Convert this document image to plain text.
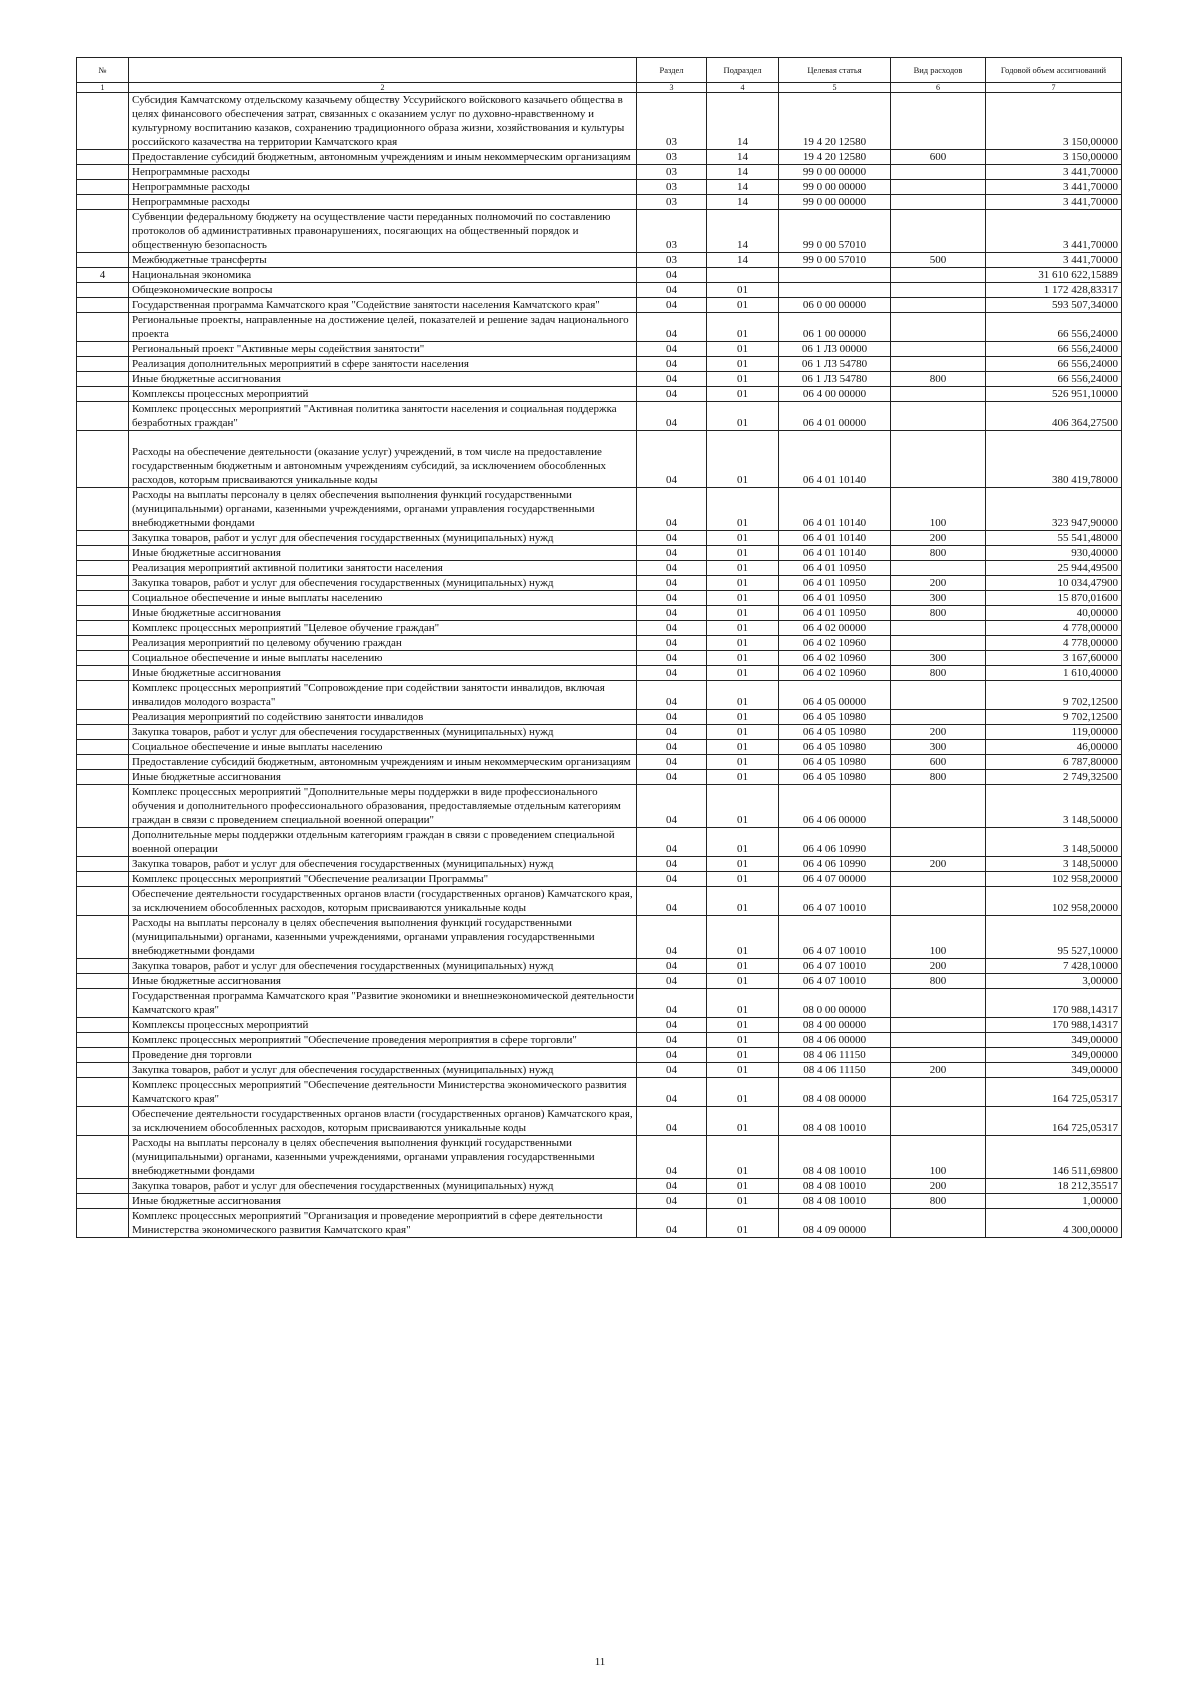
№		Раздел	Подраздел	Целевая статья	Вид расходов	Годовой объем ассигнований
1	2	3	4	5	6	7
	Субсидия Камчатскому отдельскому казачьему обществу Уссурийского войскового казачьего общества в целях финансового обеспечения затрат, связанных с оказанием услуг по духовно-нравственному и культурному воспитанию казаков, сохранению традиционного образа жизни, хозяйствования и культуры российского казачества на территории Камчатского края	03	14	19 4 20 12580		3 150,00000
	Предоставление субсидий бюджетным, автономным учреждениям и иным некоммерческим организациям	03	14	19 4 20 12580	600	3 150,00000
	Непрограммные расходы	03	14	99 0 00 00000		3 441,70000
	Непрограммные расходы	03	14	99 0 00 00000		3 441,70000
	Непрограммные расходы	03	14	99 0 00 00000		3 441,70000
	Субвенции федеральному бюджету на осуществление части переданных полномочий по составлению протоколов об административных правонарушениях, посягающих на общественный порядок и общественную безопасность	03	14	99 0 00 57010		3 441,70000
	Межбюджетные трансферты	03	14	99 0 00 57010	500	3 441,70000
4	Национальная экономика	04				31 610 622,15889
	Общеэкономические вопросы	04	01			1 172 428,83317
	Государственная программа Камчатского края "Содействие занятости населения Камчатского края"	04	01	06 0 00 00000		593 507,34000
	Региональные проекты, направленные на достижение целей, показателей и решение задач национального проекта	04	01	06 1 00 00000		66 556,24000
	Региональный проект "Активные меры содействия занятости"	04	01	06 1 Л3 00000		66 556,24000
	Реализация дополнительных мероприятий в сфере занятости населения	04	01	06 1 Л3 54780		66 556,24000
	Иные бюджетные ассигнования	04	01	06 1 Л3 54780	800	66 556,24000
	Комплексы процессных мероприятий	04	01	06 4 00 00000		526 951,10000
	Комплекс процессных мероприятий "Активная политика занятости населения и социальная поддержка безработных граждан"	04	01	06 4 01 00000		406 364,27500
	Расходы на обеспечение деятельности (оказание услуг) учреждений, в том числе на предоставление государственным бюджетным и автономным учреждениям субсидий, за исключением обособленных расходов, которым присваиваются уникальные коды	04	01	06 4 01 10140		380 419,78000
	Расходы на выплаты персоналу в целях обеспечения выполнения функций государственными (муниципальными) органами, казенными учреждениями, органами управления государственными внебюджетными фондами	04	01	06 4 01 10140	100	323 947,90000
	Закупка товаров, работ и услуг для обеспечения государственных (муниципальных) нужд	04	01	06 4 01 10140	200	55 541,48000
	Иные бюджетные ассигнования	04	01	06 4 01 10140	800	930,40000
	Реализация мероприятий активной политики занятости населения	04	01	06 4 01 10950		25 944,49500
	Закупка товаров, работ и услуг для обеспечения государственных (муниципальных) нужд	04	01	06 4 01 10950	200	10 034,47900
	Социальное обеспечение и иные выплаты населению	04	01	06 4 01 10950	300	15 870,01600
	Иные бюджетные ассигнования	04	01	06 4 01 10950	800	40,00000
	Комплекс процессных мероприятий "Целевое обучение граждан"	04	01	06 4 02 00000		4 778,00000
	Реализация мероприятий по целевому обучению граждан	04	01	06 4 02 10960		4 778,00000
	Социальное обеспечение и иные выплаты населению	04	01	06 4 02 10960	300	3 167,60000
	Иные бюджетные ассигнования	04	01	06 4 02 10960	800	1 610,40000
	Комплекс процессных мероприятий "Сопровождение при содействии занятости инвалидов, включая инвалидов молодого возраста"	04	01	06 4 05 00000		9 702,12500
	Реализация мероприятий по содействию занятости инвалидов	04	01	06 4 05 10980		9 702,12500
	Закупка товаров, работ и услуг для обеспечения государственных (муниципальных) нужд	04	01	06 4 05 10980	200	119,00000
	Социальное обеспечение и иные выплаты населению	04	01	06 4 05 10980	300	46,00000
	Предоставление субсидий бюджетным, автономным учреждениям и иным некоммерческим организациям	04	01	06 4 05 10980	600	6 787,80000
	Иные бюджетные ассигнования	04	01	06 4 05 10980	800	2 749,32500
	Комплекс процессных мероприятий "Дополнительные меры поддержки в виде профессионального обучения и дополнительного профессионального образования, предоставляемые отдельным категориям граждан в связи с проведением специальной военной операции"	04	01	06 4 06 00000		3 148,50000
	Дополнительные меры поддержки отдельным категориям граждан в связи с проведением специальной военной операции	04	01	06 4 06 10990		3 148,50000
	Закупка товаров, работ и услуг для обеспечения государственных (муниципальных) нужд	04	01	06 4 06 10990	200	3 148,50000
	Комплекс процессных мероприятий "Обеспечение реализации Программы"	04	01	06 4 07 00000		102 958,20000
	Обеспечение деятельности государственных органов власти (государственных органов) Камчатского края, за исключением обособленных расходов, которым присваиваются уникальные коды	04	01	06 4 07 10010		102 958,20000
	Расходы на выплаты персоналу в целях обеспечения выполнения функций государственными (муниципальными) органами, казенными учреждениями, органами управления государственными внебюджетными фондами	04	01	06 4 07 10010	100	95 527,10000
	Закупка товаров, работ и услуг для обеспечения государственных (муниципальных) нужд	04	01	06 4 07 10010	200	7 428,10000
	Иные бюджетные ассигнования	04	01	06 4 07 10010	800	3,00000
	Государственная программа Камчатского края "Развитие экономики и внешнеэкономической деятельности Камчатского края"	04	01	08 0 00 00000		170 988,14317
	Комплексы процессных мероприятий	04	01	08 4 00 00000		170 988,14317
	Комплекс процессных мероприятий "Обеспечение проведения мероприятия в сфере торговли"	04	01	08 4 06 00000		349,00000
	Проведение дня торговли	04	01	08 4 06 11150		349,00000
	Закупка товаров, работ и услуг для обеспечения государственных (муниципальных) нужд	04	01	08 4 06 11150	200	349,00000
	Комплекс процессных мероприятий "Обеспечение деятельности Министерства экономического развития Камчатского края"	04	01	08 4 08 00000		164 725,05317
	Обеспечение деятельности государственных органов власти (государственных органов) Камчатского края, за исключением обособленных расходов, которым присваиваются уникальные коды	04	01	08 4 08 10010		164 725,05317
	Расходы на выплаты персоналу в целях обеспечения выполнения функций государственными (муниципальными) органами, казенными учреждениями, органами управления государственными внебюджетными фондами	04	01	08 4 08 10010	100	146 511,69800
	Закупка товаров, работ и услуг для обеспечения государственных (муниципальных) нужд	04	01	08 4 08 10010	200	18 212,35517
	Иные бюджетные ассигнования	04	01	08 4 08 10010	800	1,00000
	Комплекс процессных мероприятий "Организация и проведение мероприятий в сфере деятельности Министерства экономического развития Камчатского края"	04	01	08 4 09 00000		4 300,00000
11
